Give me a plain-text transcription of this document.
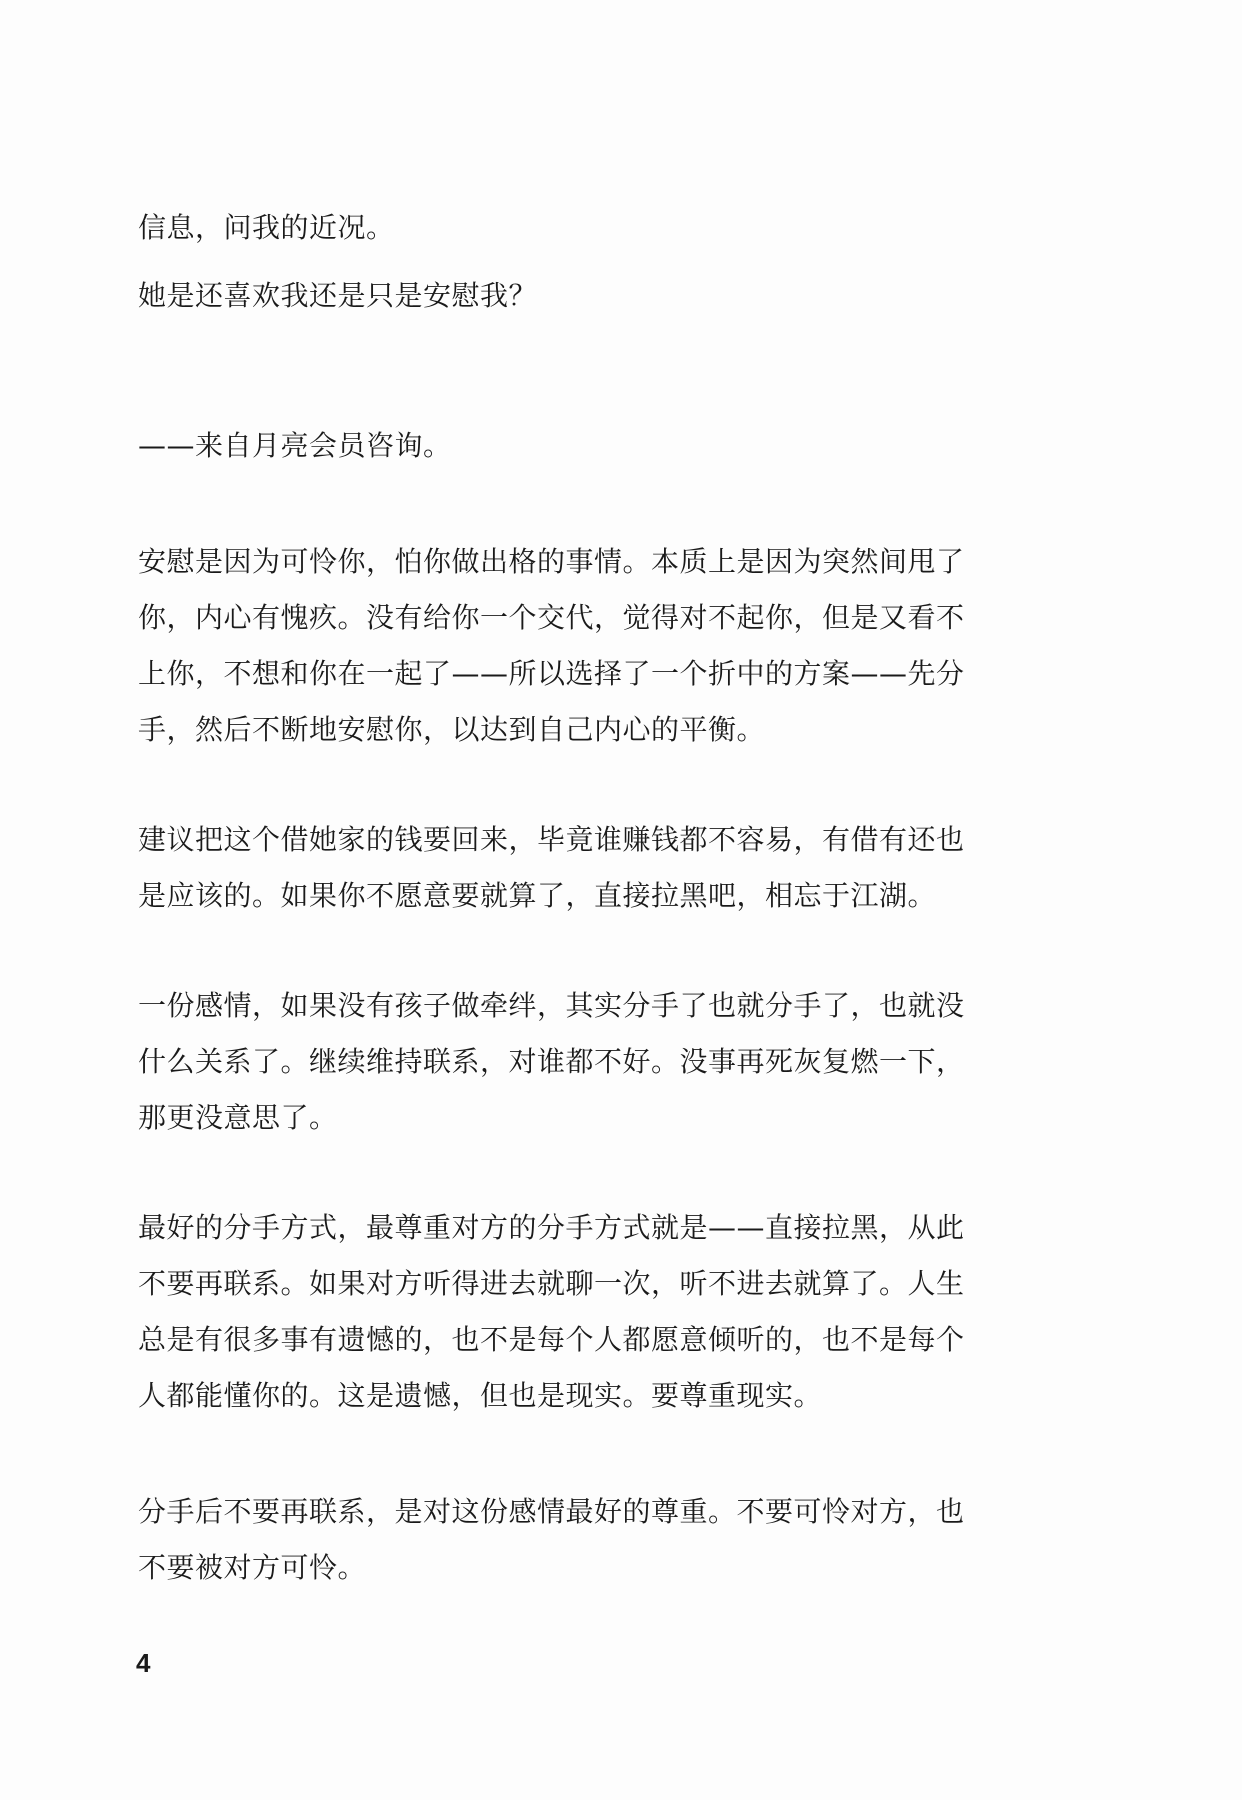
信息，问我的近况。

她是还喜欢我还是只是安慰我？

——来自月亮会员咨询。

安慰是因为可怜你，怕你做出格的事情。本质上是因为突然间甩了
你，内心有愧疚。没有给你一个交代，觉得对不起你，但是又看不
上你，不想和你在一起了——所以选择了一个折中的方案——先分
手，然后不断地安慰你，以达到自己内心的平衡。

建议把这个借她家的钱要回来，毕竟谁赚钱都不容易，有借有还也
是应该的。如果你不愿意要就算了，直接拉黑吧，相忘于江湖。

一份感情，如果没有孩子做牵绊，其实分手了也就分手了，也就没
什么关系了。继续维持联系，对谁都不好。没事再死灰复燃一下，
那更没意思了。

最好的分手方式，最尊重对方的分手方式就是——直接拉黑，从此
不要再联系。如果对方听得进去就聊一次，听不进去就算了。人生
总是有很多事有遗憾的，也不是每个人都愿意倾听的，也不是每个
人都能懂你的。这是遗憾，但也是现实。要尊重现实。

分手后不要再联系，是对这份感情最好的尊重。不要可怜对方，也
不要被对方可怜。

4
